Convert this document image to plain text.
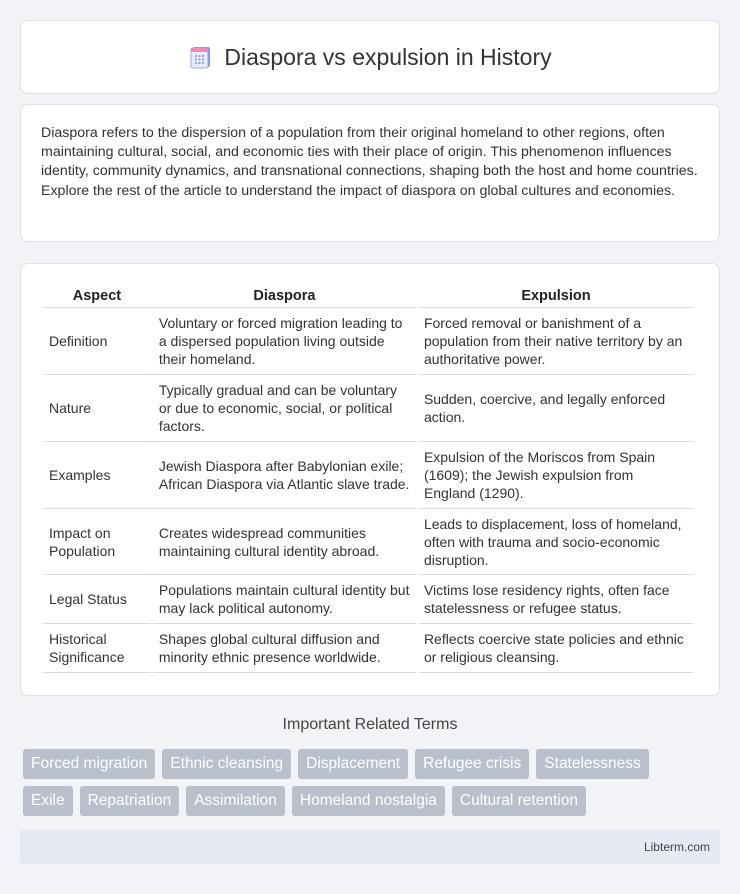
Diaspora vs expulsion in History

Diaspora refers to the dispersion of a population from their original homeland to other regions, often maintaining cultural, social, and economic ties with their place of origin. This phenomenon influences identity, community dynamics, and transnational connections, shaping both the host and home countries. Explore the rest of the article to understand the impact of diaspora on global cultures and economies.

Aspect	Diaspora	Expulsion
Definition	Voluntary or forced migration leading to a dispersed population living outside their homeland.	Forced removal or banishment of a population from their native territory by an authoritative power.
Nature	Typically gradual and can be voluntary or due to economic, social, or political factors.	Sudden, coercive, and legally enforced action.
Examples	Jewish Diaspora after Babylonian exile; African Diaspora via Atlantic slave trade.	Expulsion of the Moriscos from Spain (1609); the Jewish expulsion from England (1290).
Impact on Population	Creates widespread communities maintaining cultural identity abroad.	Leads to displacement, loss of homeland, often with trauma and socio-economic disruption.
Legal Status	Populations maintain cultural identity but may lack political autonomy.	Victims lose residency rights, often face statelessness or refugee status.
Historical Significance	Shapes global cultural diffusion and minority ethnic presence worldwide.	Reflects coercive state policies and ethnic or religious cleansing.
Important Related Terms
Forced migration	Ethnic cleansing	Displacement	Refugee crisis	Statelessness
Exile	Repatriation	Assimilation	Homeland nostalgia	Cultural retention
Libterm.com
